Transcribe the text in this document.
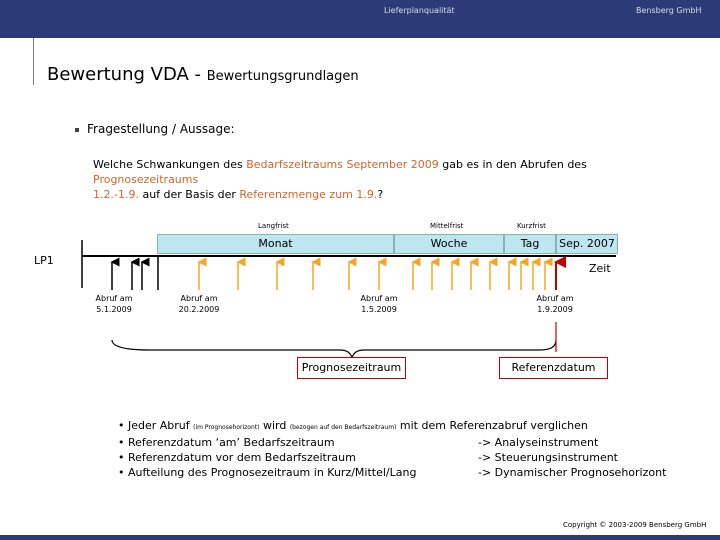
Lieferplanqualität	Bensberg GmbH
Bewertung VDA - Bewertungsgrundlagen
Fragestellung / Aussage:
Welche Schwankungen des Bedarfszeitraums September 2009 gab es in den Abrufen des Prognosezeitraums
1.2.-1.9. auf der Basis der Referenzmenge zum 1.9.?
Langfrist	Mittelfrist	Kurzfrist
Monat	Woche	Tag	Sep. 2007
LP1
Zeit
Abruf am
5.1.2009
Abruf am
20.2.2009
Abruf am
1.5.2009
Abruf am
1.9.2009
Prognosezeitraum	Referenzdatum
• Jeder Abruf (im Prognosehorizont) wird (bezogen auf den Bedarfszeitraum) mit dem Referenzabruf verglichen
• Referenzdatum ‘am’ Bedarfszeitraum	-> Analyseinstrument
• Referenzdatum vor dem Bedarfszeitraum	-> Steuerungsinstrument
• Aufteilung des Prognosezeitraum in Kurz/Mittel/Lang	-> Dynamischer Prognosehorizont
Copyright © 2003-2009 Bensberg GmbH
